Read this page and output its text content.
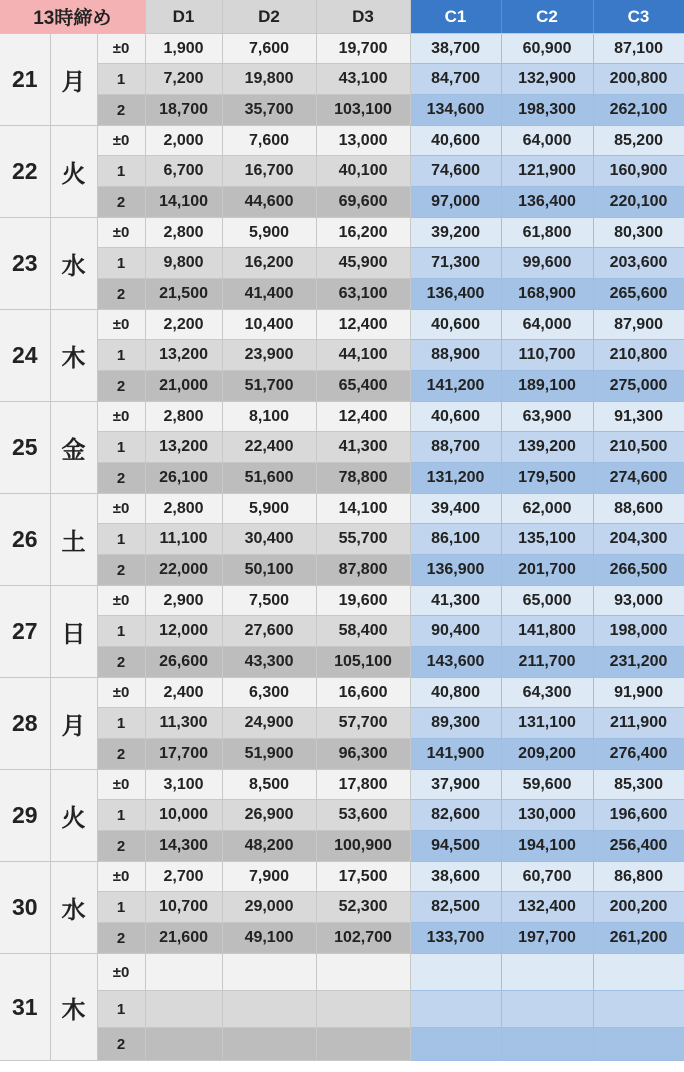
13時締め			D1	D2	D3	C1	C2	C3
21	月	±0	1,900	7,600	19,700	38,700	60,900	87,100
		1	7,200	19,800	43,100	84,700	132,900	200,800
		2	18,700	35,700	103,100	134,600	198,300	262,100
22	火	±0	2,000	7,600	13,000	40,600	64,000	85,200
		1	6,700	16,700	40,100	74,600	121,900	160,900
		2	14,100	44,600	69,600	97,000	136,400	220,100
23	水	±0	2,800	5,900	16,200	39,200	61,800	80,300
		1	9,800	16,200	45,900	71,300	99,600	203,600
		2	21,500	41,400	63,100	136,400	168,900	265,600
24	木	±0	2,200	10,400	12,400	40,600	64,000	87,900
		1	13,200	23,900	44,100	88,900	110,700	210,800
		2	21,000	51,700	65,400	141,200	189,100	275,000
25	金	±0	2,800	8,100	12,400	40,600	63,900	91,300
		1	13,200	22,400	41,300	88,700	139,200	210,500
		2	26,100	51,600	78,800	131,200	179,500	274,600
26	土	±0	2,800	5,900	14,100	39,400	62,000	88,600
		1	11,100	30,400	55,700	86,100	135,100	204,300
		2	22,000	50,100	87,800	136,900	201,700	266,500
27	日	±0	2,900	7,500	19,600	41,300	65,000	93,000
		1	12,000	27,600	58,400	90,400	141,800	198,000
		2	26,600	43,300	105,100	143,600	211,700	231,200
28	月	±0	2,400	6,300	16,600	40,800	64,300	91,900
		1	11,300	24,900	57,700	89,300	131,100	211,900
		2	17,700	51,900	96,300	141,900	209,200	276,400
29	火	±0	3,100	8,500	17,800	37,900	59,600	85,300
		1	10,000	26,900	53,600	82,600	130,000	196,600
		2	14,300	48,200	100,900	94,500	194,100	256,400
30	水	±0	2,700	7,900	17,500	38,600	60,700	86,800
		1	10,700	29,000	52,300	82,500	132,400	200,200
		2	21,600	49,100	102,700	133,700	197,700	261,200
31	木	±0						
		1						
		2						
